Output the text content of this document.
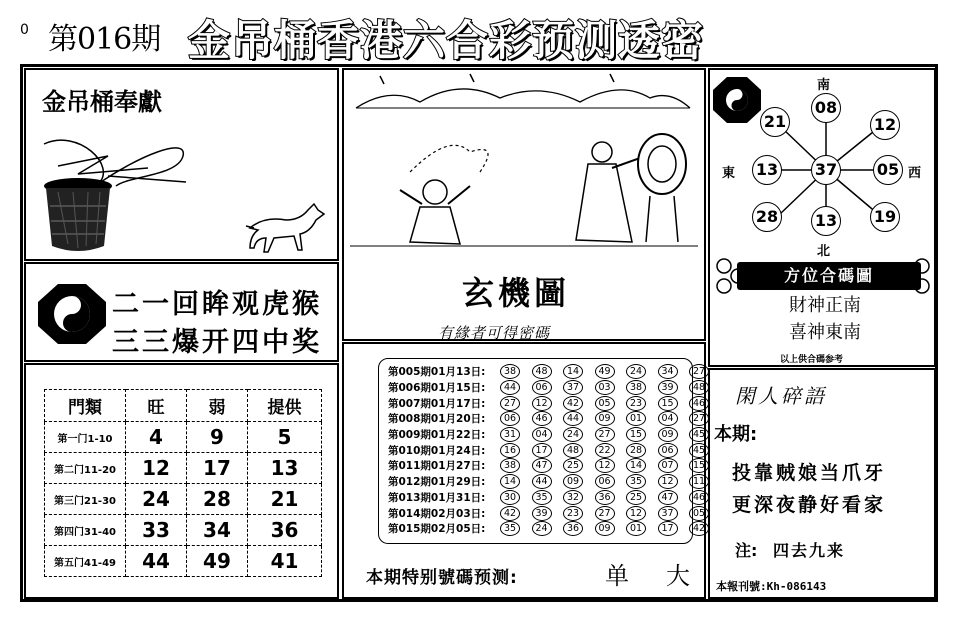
0 第016期 金吊桶香港六合彩预测透密
金吊桶奉獻
二一回眸观虎猴
三三爆开四中奖
門類	旺	弱	提供
第一门1-10	4	9	5
第二门11-20	12	17	13
第三门21-30	24	28	21
第四门31-40	33	34	36
第五门41-49	44	49	41
玄機圖
有緣者可得密碼
第005期01月13日:	38	48	14	49	24	34	27
第006期01月15日:	44	06	37	03	38	39	48
第007期01月17日:	27	12	42	05	23	15	46
第008期01月20日:	06	46	44	09	01	04	27
第009期01月22日:	31	04	24	27	15	09	45
第010期01月24日:	16	17	48	22	28	06	45
第011期01月27日:	38	47	25	12	14	07	15
第012期01月29日:	14	44	09	06	35	12	11
第013期01月31日:	30	35	32	36	25	47	46
第014期02月03日:	42	39	23	27	12	37	05
第015期02月05日:	35	24	36	09	01	17	42
本期特别號碼预测:	单 大
南
東	西
北
08
12
05
19
13
28
13
21
37
方位合碼圖
財神正南
喜神東南
以上供合碼参考
閑人碎語
本期:
投靠贼娘当爪牙
更深夜静好看家
注: 四去九来
本報刊號:Kh-086143
